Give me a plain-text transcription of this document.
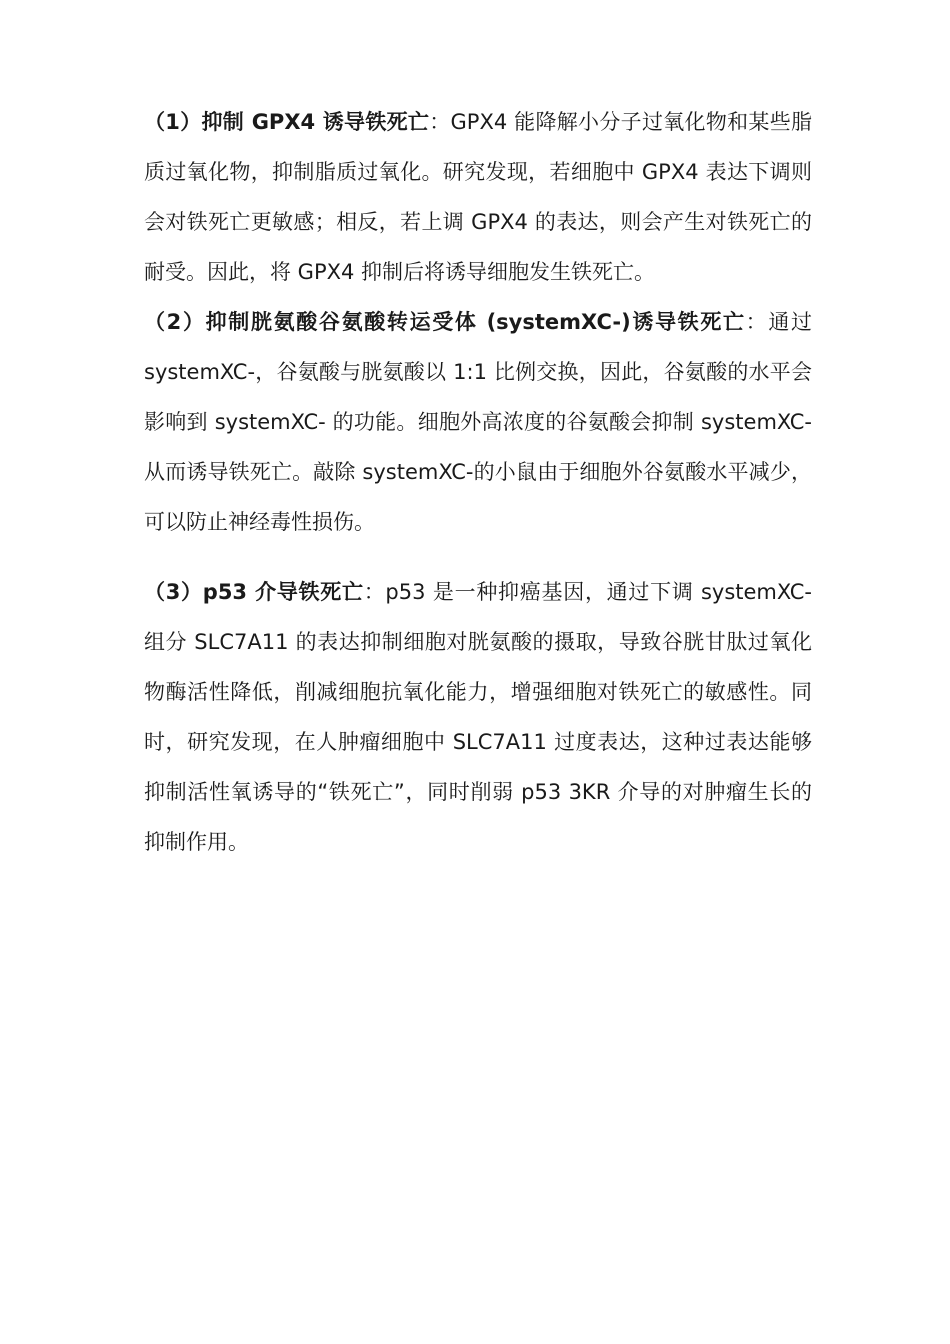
（1）抑制 GPX4 诱导铁死亡：GPX4 能降解小分子过氧化物和某些脂质过氧化物，抑制脂质过氧化。研究发现，若细胞中 GPX4 表达下调则会对铁死亡更敏感；相反，若上调 GPX4 的表达，则会产生对铁死亡的耐受。因此，将 GPX4 抑制后将诱导细胞发生铁死亡。

（2）抑制胱氨酸谷氨酸转运受体 (systemXC-)诱导铁死亡：通过 systemXC-，谷氨酸与胱氨酸以 1:1 比例交换，因此，谷氨酸的水平会影响到 systemXC- 的功能。细胞外高浓度的谷氨酸会抑制 systemXC-从而诱导铁死亡。敲除 systemXC-的小鼠由于细胞外谷氨酸水平减少，可以防止神经毒性损伤。

（3）p53 介导铁死亡：p53 是一种抑癌基因，通过下调 systemXC-组分 SLC7A11 的表达抑制细胞对胱氨酸的摄取，导致谷胱甘肽过氧化物酶活性降低，削减细胞抗氧化能力，增强细胞对铁死亡的敏感性。同时，研究发现，在人肿瘤细胞中 SLC7A11 过度表达，这种过表达能够抑制活性氧诱导的“铁死亡”，同时削弱 p53 3KR 介导的对肿瘤生长的抑制作用。
